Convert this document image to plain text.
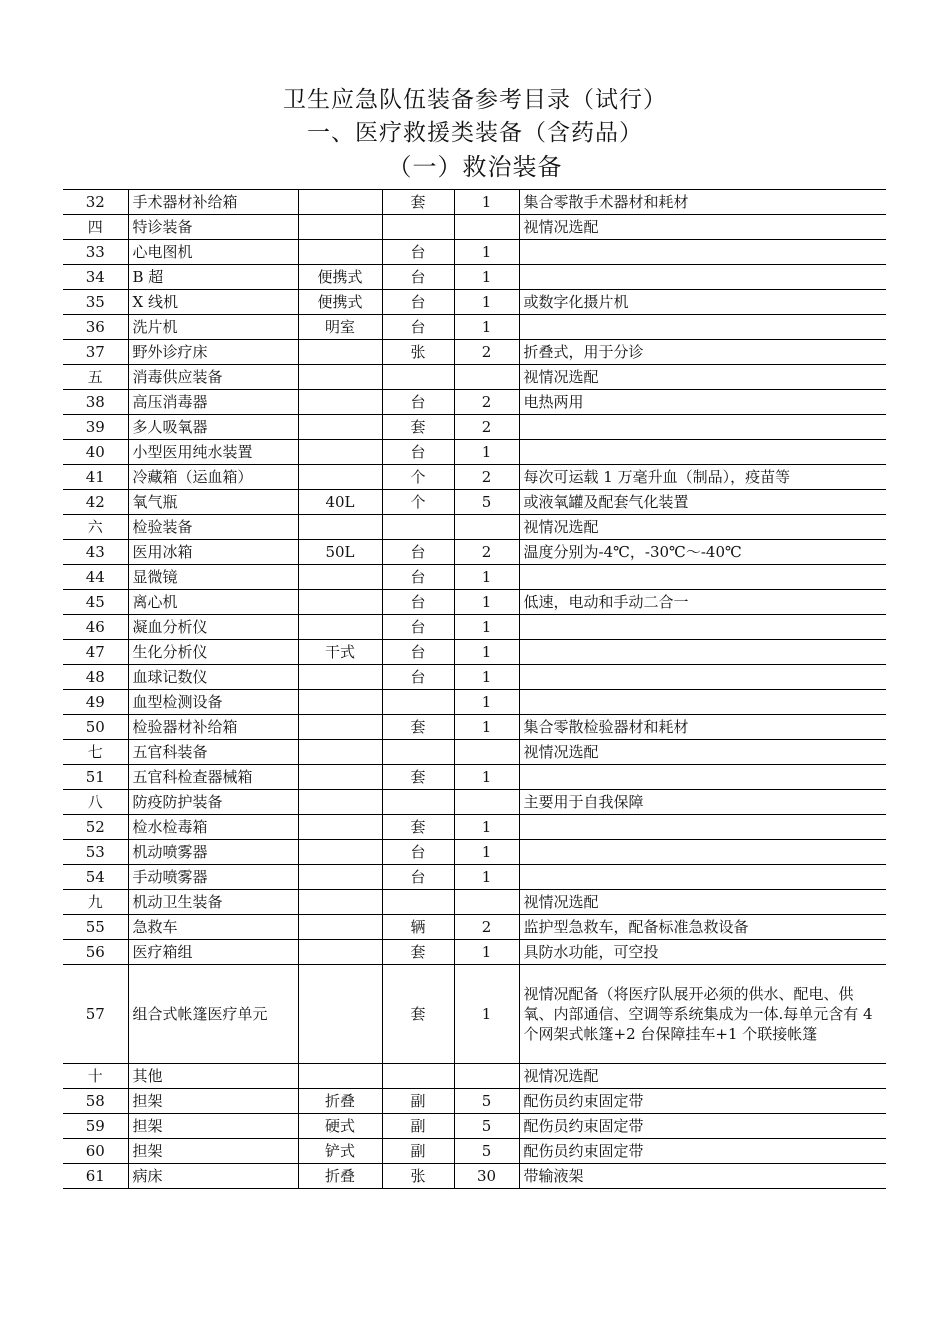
卫生应急队伍装备参考目录（试行）
一、医疗救援类装备（含药品）
（一）救治装备
32	手术器材补给箱		套	1	集合零散手术器材和耗材
四	特诊装备				视情况选配
33	心电图机		台	1	
34	B 超	便携式	台	1	
35	X 线机	便携式	台	1	或数字化摄片机
36	洗片机	明室	台	1	
37	野外诊疗床		张	2	折叠式，用于分诊
五	消毒供应装备				视情况选配
38	高压消毒器		台	2	电热两用
39	多人吸氧器		套	2	
40	小型医用纯水装置		台	1	
41	冷藏箱（运血箱）		个	2	每次可运载 1 万毫升血（制品），疫苗等
42	氧气瓶	40L	个	5	或液氧罐及配套气化装置
六	检验装备				视情况选配
43	医用冰箱	50L	台	2	温度分别为-4℃，-30℃～-40℃
44	显微镜		台	1	
45	离心机		台	1	低速，电动和手动二合一
46	凝血分析仪		台	1	
47	生化分析仪	干式	台	1	
48	血球记数仪		台	1	
49	血型检测设备			1	
50	检验器材补给箱		套	1	集合零散检验器材和耗材
七	五官科装备				视情况选配
51	五官科检查器械箱		套	1	
八	防疫防护装备				主要用于自我保障
52	检水检毒箱		套	1	
53	机动喷雾器		台	1	
54	手动喷雾器		台	1	
九	机动卫生装备				视情况选配
55	急救车		辆	2	监护型急救车，配备标准急救设备
56	医疗箱组		套	1	具防水功能，可空投
57	组合式帐篷医疗单元		套	1	视情况配备（将医疗队展开必须的供水、配电、供氧、内部通信、空调等系统集成为一体.每单元含有 4 个网架式帐篷+2 台保障挂车+1 个联接帐篷
十	其他				视情况选配
58	担架	折叠	副	5	配伤员约束固定带
59	担架	硬式	副	5	配伤员约束固定带
60	担架	铲式	副	5	配伤员约束固定带
61	病床	折叠	张	30	带输液架
